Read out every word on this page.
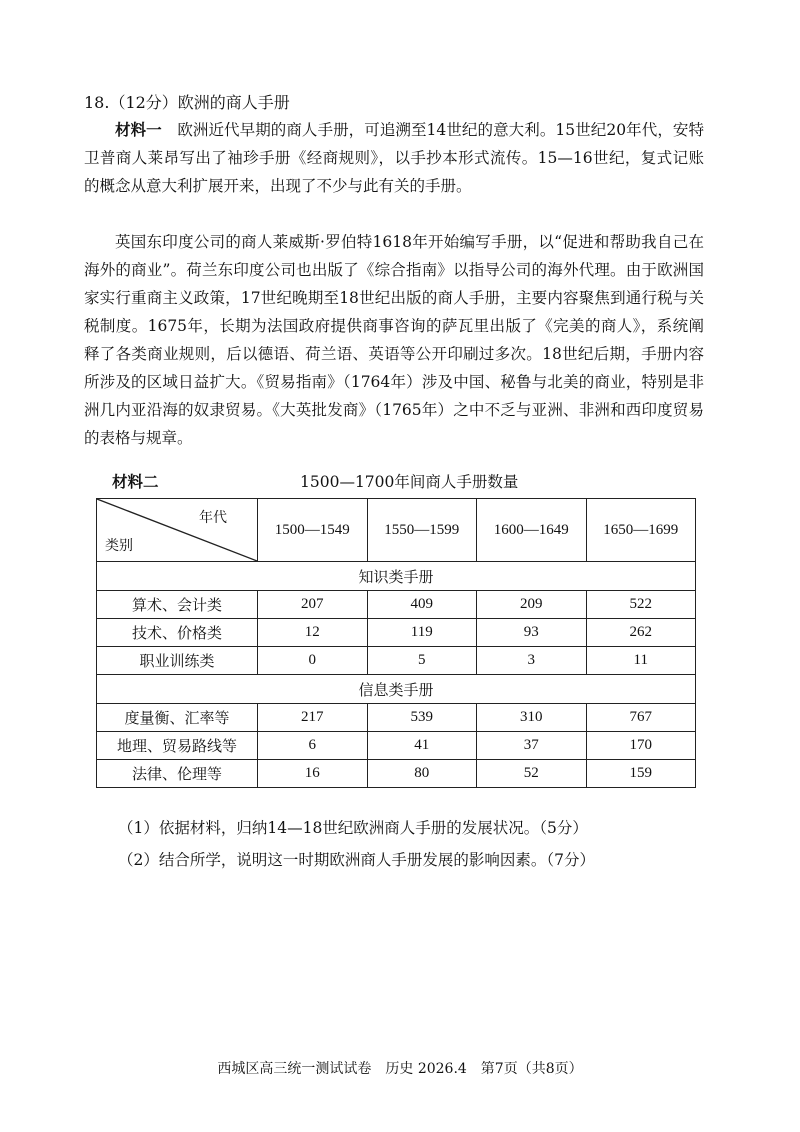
18.（12分）欧洲的商人手册
材料一　 欧洲近代早期的商人手册，可追溯至14世纪的意大利。15世纪20年代，安特卫普商人莱昂写出了袖珍手册《经商规则》，以手抄本形式流传。15—16世纪，复式记账的概念从意大利扩展开来，出现了不少与此有关的手册。
英国东印度公司的商人莱威斯·罗伯特1618年开始编写手册，以“促进和帮助我自己在海外的商业”。荷兰东印度公司也出版了《综合指南》以指导公司的海外代理。由于欧洲国家实行重商主义政策，17世纪晚期至18世纪出版的商人手册，主要内容聚焦到通行税与关税制度。1675年，长期为法国政府提供商事咨询的萨瓦里出版了《完美的商人》，系统阐释了各类商业规则，后以德语、荷兰语、英语等公开印刷过多次。18世纪后期，手册内容所涉及的区域日益扩大。《贸易指南》（1764年）涉及中国、秘鲁与北美的商业，特别是非洲几内亚沿海的奴隶贸易。《大英批发商》（1765年）之中不乏与亚洲、非洲和西印度贸易的表格与规章。
材料二	1500—1700年间商人手册数量
年代
类别	1500—1549	1550—1599	1600—1649	1650—1699
知识类手册				
算术、会计类	207	409	209	522
技术、价格类	12	119	93	262
职业训练类	0	5	3	11
信息类手册				
度量衡、汇率等	217	539	310	767
地理、贸易路线等	6	41	37	170
法律、伦理等	16	80	52	159
（1）依据材料，归纳14—18世纪欧洲商人手册的发展状况。（5分）
（2）结合所学，说明这一时期欧洲商人手册发展的影响因素。（7分）
西城区高三统一测试试卷　历史 2026.4　第7页（共8页）
